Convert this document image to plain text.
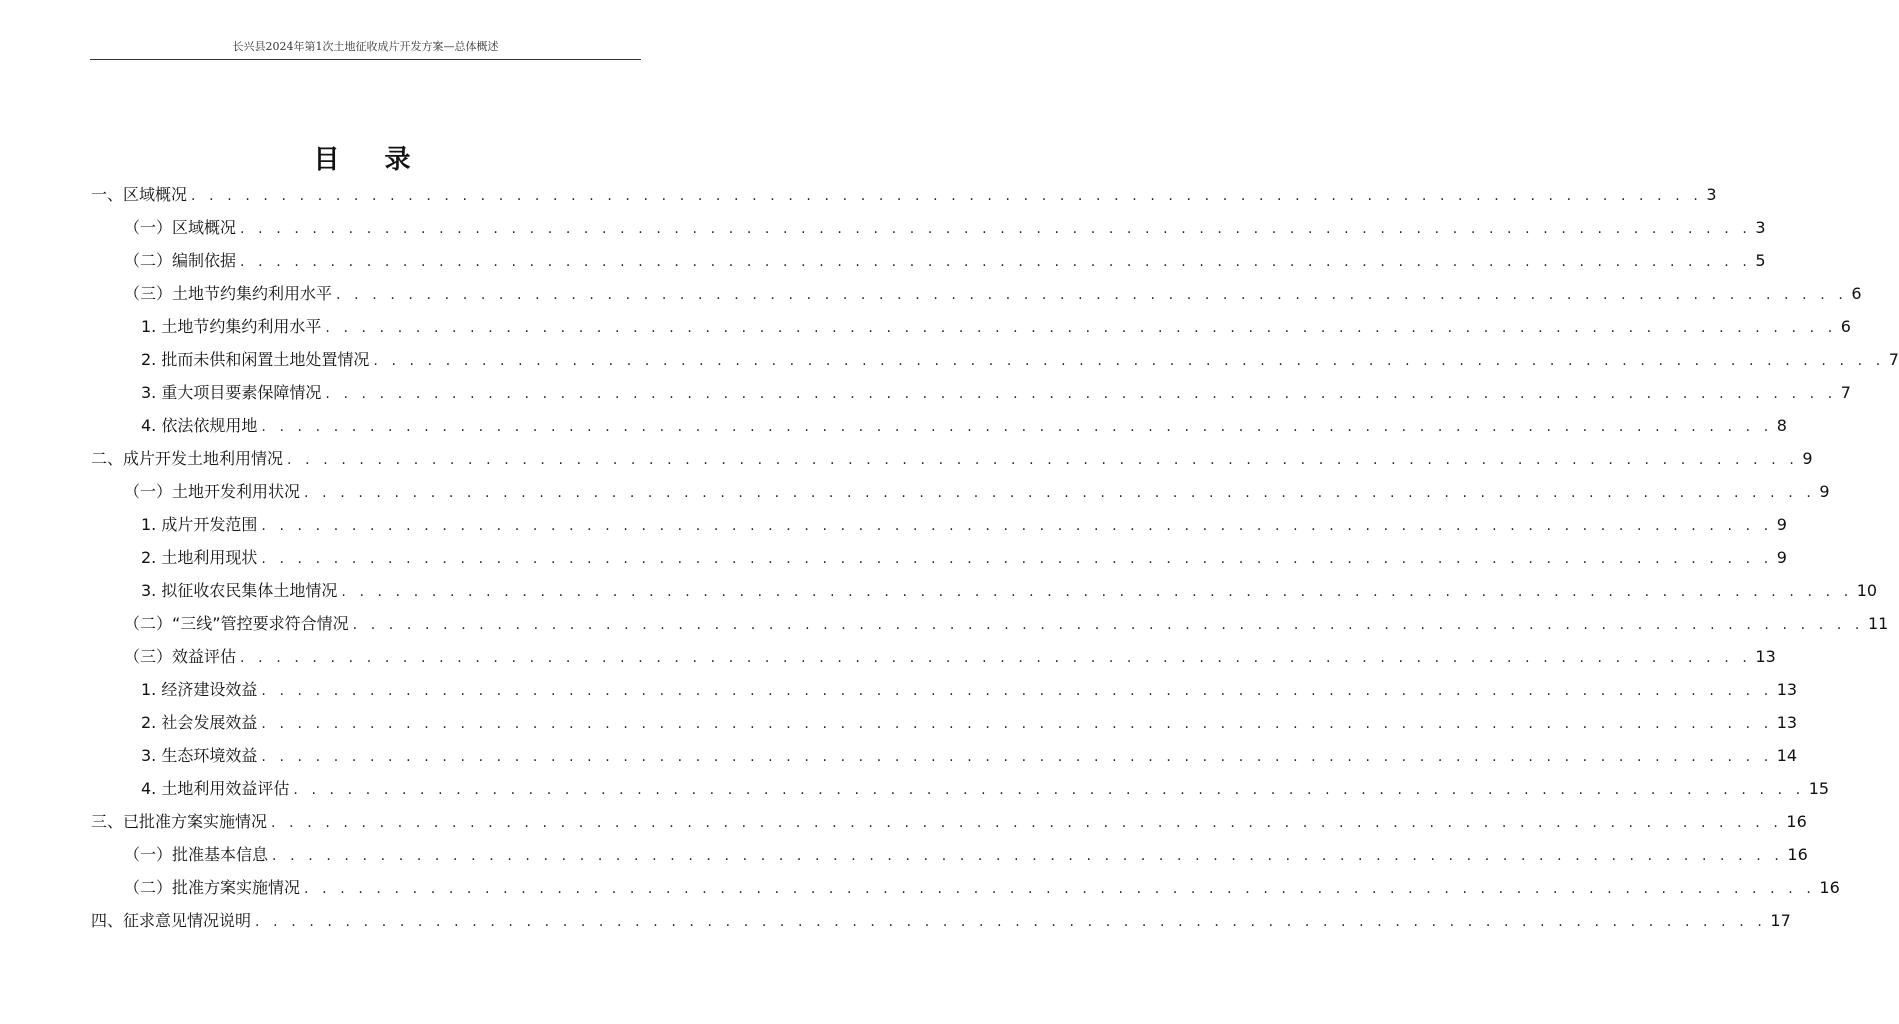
长兴县2024年第1次土地征收成片开发方案—总体概述
目 录
一、区域概况 . . . . . . . . . . . . . . . . . . . . . . . . . . . . . . . . . . . . . . . . . . . . . . . . . . . . . . . . . . . . . . . . . . . . . . . . . . . . . . . . . . . . 3
（一）区域概况 . . . . . . . . . . . . . . . . . . . . . . . . . . . . . . . . . . . . . . . . . . . . . . . . . . . . . . . . . . . . . . . . . . . . . . . . . . . . . . . . . . . . 3
（二）编制依据 . . . . . . . . . . . . . . . . . . . . . . . . . . . . . . . . . . . . . . . . . . . . . . . . . . . . . . . . . . . . . . . . . . . . . . . . . . . . . . . . . . . . 5
（三）土地节约集约利用水平 . . . . . . . . . . . . . . . . . . . . . . . . . . . . . . . . . . . . . . . . . . . . . . . . . . . . . . . . . . . . . . . . . . . . . . . . . . . . . . . . . . . . 6
1. 土地节约集约利用水平 . . . . . . . . . . . . . . . . . . . . . . . . . . . . . . . . . . . . . . . . . . . . . . . . . . . . . . . . . . . . . . . . . . . . . . . . . . . . . . . . . . . . 6
2. 批而未供和闲置土地处置情况 . . . . . . . . . . . . . . . . . . . . . . . . . . . . . . . . . . . . . . . . . . . . . . . . . . . . . . . . . . . . . . . . . . . . . . . . . . . . . . . . . . . . 7
3. 重大项目要素保障情况 . . . . . . . . . . . . . . . . . . . . . . . . . . . . . . . . . . . . . . . . . . . . . . . . . . . . . . . . . . . . . . . . . . . . . . . . . . . . . . . . . . . . 7
4. 依法依规用地 . . . . . . . . . . . . . . . . . . . . . . . . . . . . . . . . . . . . . . . . . . . . . . . . . . . . . . . . . . . . . . . . . . . . . . . . . . . . . . . . . . . . 8
二、成片开发土地利用情况 . . . . . . . . . . . . . . . . . . . . . . . . . . . . . . . . . . . . . . . . . . . . . . . . . . . . . . . . . . . . . . . . . . . . . . . . . . . . . . . . . . . . 9
（一）土地开发利用状况 . . . . . . . . . . . . . . . . . . . . . . . . . . . . . . . . . . . . . . . . . . . . . . . . . . . . . . . . . . . . . . . . . . . . . . . . . . . . . . . . . . . . 9
1. 成片开发范围 . . . . . . . . . . . . . . . . . . . . . . . . . . . . . . . . . . . . . . . . . . . . . . . . . . . . . . . . . . . . . . . . . . . . . . . . . . . . . . . . . . . . 9
2. 土地利用现状 . . . . . . . . . . . . . . . . . . . . . . . . . . . . . . . . . . . . . . . . . . . . . . . . . . . . . . . . . . . . . . . . . . . . . . . . . . . . . . . . . . . . 9
3. 拟征收农民集体土地情况 . . . . . . . . . . . . . . . . . . . . . . . . . . . . . . . . . . . . . . . . . . . . . . . . . . . . . . . . . . . . . . . . . . . . . . . . . . . . . . . . . . . . 10
（二）“三线”管控要求符合情况 . . . . . . . . . . . . . . . . . . . . . . . . . . . . . . . . . . . . . . . . . . . . . . . . . . . . . . . . . . . . . . . . . . . . . . . . . . . . . . . . . . . . 11
（三）效益评估 . . . . . . . . . . . . . . . . . . . . . . . . . . . . . . . . . . . . . . . . . . . . . . . . . . . . . . . . . . . . . . . . . . . . . . . . . . . . . . . . . . . . 13
1. 经济建设效益 . . . . . . . . . . . . . . . . . . . . . . . . . . . . . . . . . . . . . . . . . . . . . . . . . . . . . . . . . . . . . . . . . . . . . . . . . . . . . . . . . . . . 13
2. 社会发展效益 . . . . . . . . . . . . . . . . . . . . . . . . . . . . . . . . . . . . . . . . . . . . . . . . . . . . . . . . . . . . . . . . . . . . . . . . . . . . . . . . . . . . 13
3. 生态环境效益 . . . . . . . . . . . . . . . . . . . . . . . . . . . . . . . . . . . . . . . . . . . . . . . . . . . . . . . . . . . . . . . . . . . . . . . . . . . . . . . . . . . . 14
4. 土地利用效益评估 . . . . . . . . . . . . . . . . . . . . . . . . . . . . . . . . . . . . . . . . . . . . . . . . . . . . . . . . . . . . . . . . . . . . . . . . . . . . . . . . . . . . 15
三、已批准方案实施情况 . . . . . . . . . . . . . . . . . . . . . . . . . . . . . . . . . . . . . . . . . . . . . . . . . . . . . . . . . . . . . . . . . . . . . . . . . . . . . . . . . . . . 16
（一）批准基本信息 . . . . . . . . . . . . . . . . . . . . . . . . . . . . . . . . . . . . . . . . . . . . . . . . . . . . . . . . . . . . . . . . . . . . . . . . . . . . . . . . . . . . 16
（二）批准方案实施情况 . . . . . . . . . . . . . . . . . . . . . . . . . . . . . . . . . . . . . . . . . . . . . . . . . . . . . . . . . . . . . . . . . . . . . . . . . . . . . . . . . . . . 16
四、征求意见情况说明 . . . . . . . . . . . . . . . . . . . . . . . . . . . . . . . . . . . . . . . . . . . . . . . . . . . . . . . . . . . . . . . . . . . . . . . . . . . . . . . . . . . . 17
